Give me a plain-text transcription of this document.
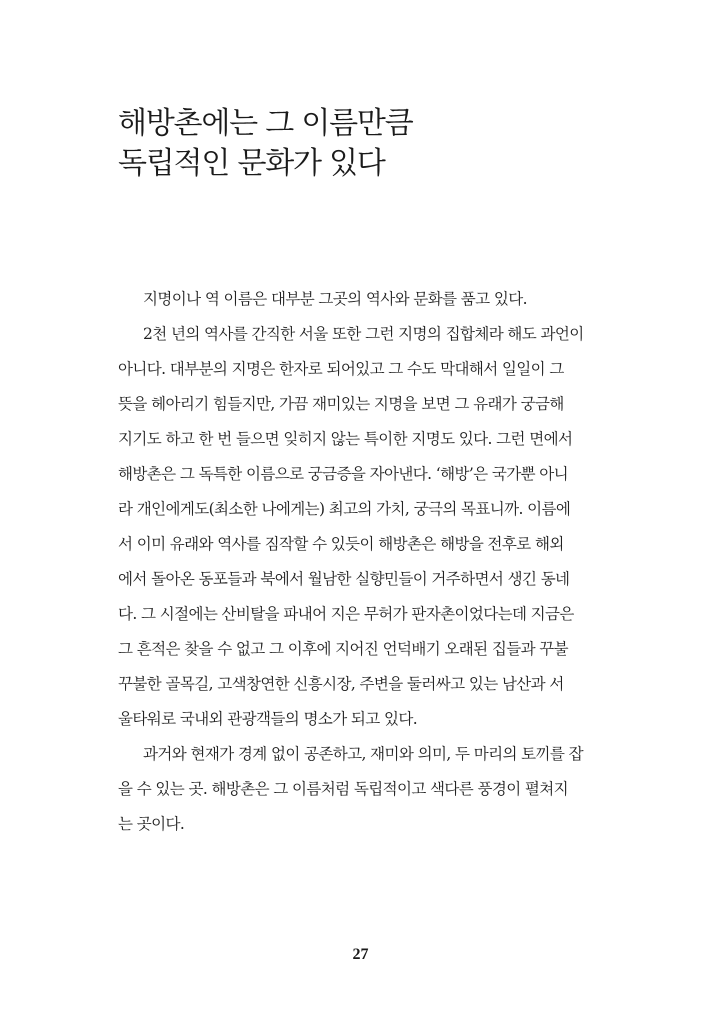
해방촌에는 그 이름만큼
독립적인 문화가 있다
지명이나 역 이름은 대부분 그곳의 역사와 문화를 품고 있다.
2천 년의 역사를 간직한 서울 또한 그런 지명의 집합체라 해도 과언이
아니다. 대부분의 지명은 한자로 되어있고 그 수도 막대해서 일일이 그
뜻을 헤아리기 힘들지만, 가끔 재미있는 지명을 보면 그 유래가 궁금해
지기도 하고 한 번 들으면 잊히지 않는 특이한 지명도 있다. 그런 면에서
해방촌은 그 독특한 이름으로 궁금증을 자아낸다. ‘해방’은 국가뿐 아니
라 개인에게도(최소한 나에게는) 최고의 가치, 궁극의 목표니까. 이름에
서 이미 유래와 역사를 짐작할 수 있듯이 해방촌은 해방을 전후로 해외
에서 돌아온 동포들과 북에서 월남한 실향민들이 거주하면서 생긴 동네
다. 그 시절에는 산비탈을 파내어 지은 무허가 판자촌이었다는데 지금은
그 흔적은 찾을 수 없고 그 이후에 지어진 언덕배기 오래된 집들과 꾸불
꾸불한 골목길, 고색창연한 신흥시장, 주변을 둘러싸고 있는 남산과 서
울타워로 국내외 관광객들의 명소가 되고 있다.
과거와 현재가 경계 없이 공존하고, 재미와 의미, 두 마리의 토끼를 잡
을 수 있는 곳. 해방촌은 그 이름처럼 독립적이고 색다른 풍경이 펼쳐지
는 곳이다.
27
